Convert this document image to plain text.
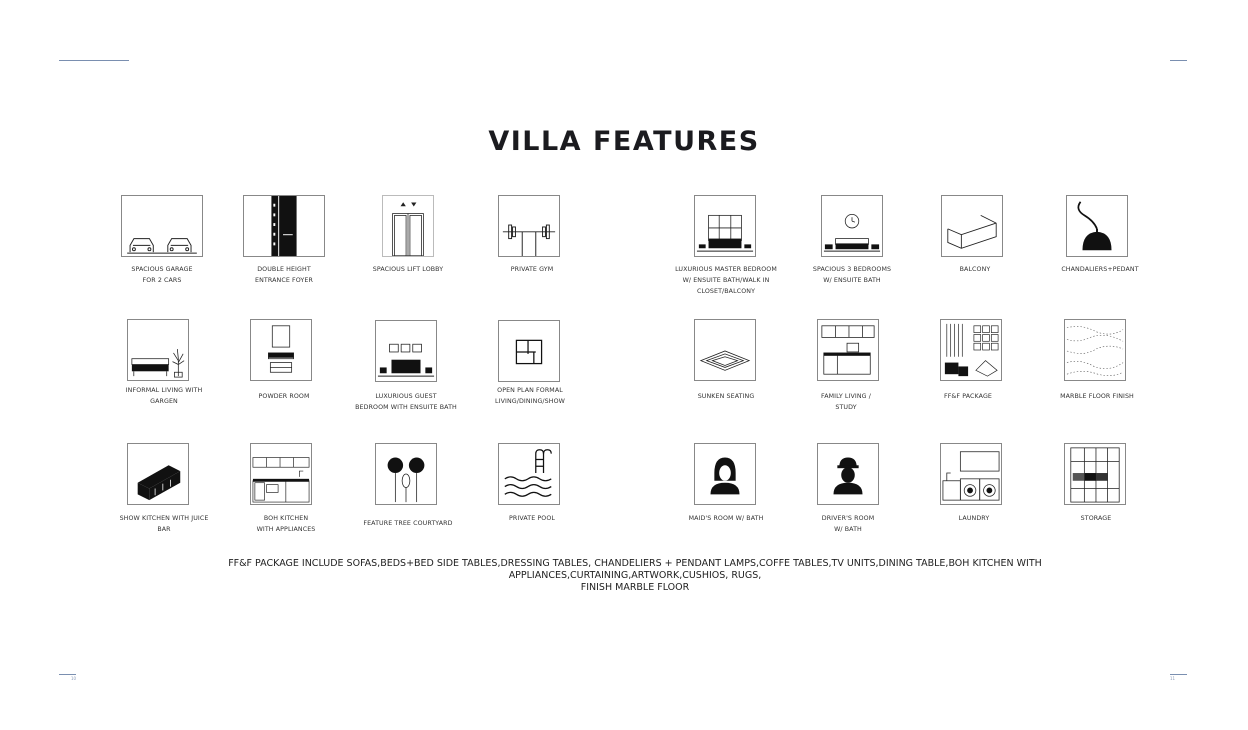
10	11
VILLA FEATURES
SPACIOUS GARAGE
FOR 2 CARS
DOUBLE HEIGHT
ENTRANCE FOYER
SPACIOUS LIFT LOBBY	PRIVATE GYM	LUXURIOUS MASTER BEDROOM
W/ ENSUITE BATH/WALK IN
CLOSET/BALCONY
SPACIOUS 3 BEDROOMS
W/ ENSUITE BATH
BALCONY	CHANDALIERS+PEDANT
INFORMAL LIVING WITH
GARGEN
POWDER ROOM	LUXURIOUS GUEST
BEDROOM WITH ENSUITE BATH
OPEN PLAN FORMAL
LIVING/DINING/SHOW
SUNKEN SEATING	FAMILY LIVING /
STUDY
FF&F PACKAGE	MARBLE FLOOR FINISH
SHOW KITCHEN WITH JUICE
BAR
BOH KITCHEN
WITH APPLIANCES
FEATURE TREE COURTYARD
PRIVATE POOL	MAID'S ROOM W/ BATH	DRIVER'S ROOM
W/ BATH
LAUNDRY	STORAGE
FF&F PACKAGE INCLUDE SOFAS,BEDS+BED SIDE TABLES,DRESSING TABLES, CHANDELIERS + PENDANT LAMPS,COFFE TABLES,TV UNITS,DINING TABLE,BOH KITCHEN WITH APPLIANCES,CURTAINING,ARTWORK,CUSHIOS, RUGS,
FINISH MARBLE FLOOR
